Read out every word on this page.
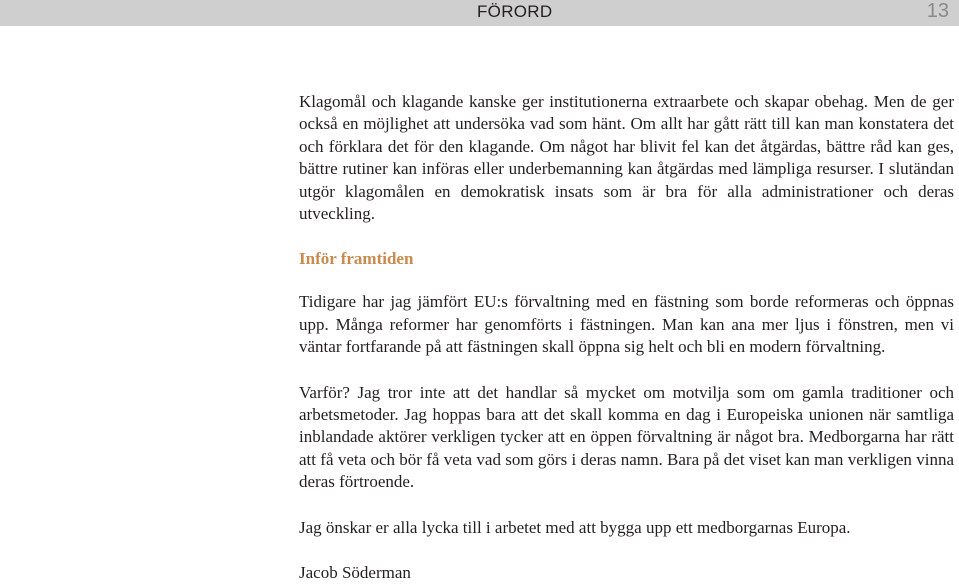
FÖRORD	13

Klagomål och klagande kanske ger institutionerna extraarbete och skapar obehag. Men de ger också en möjlighet att undersöka vad som hänt. Om allt har gått rätt till kan man konstatera det och förklara det för den klagande. Om något har blivit fel kan det åtgärdas, bättre råd kan ges, bättre rutiner kan införas eller underbemanning kan åtgärdas med lämpliga resurser. I slutändan utgör klagomålen en demokratisk insats som är bra för alla administrationer och deras utveckling.

Inför framtiden

Tidigare har jag jämfört EU:s förvaltning med en fästning som borde reformeras och öppnas upp. Många reformer har genomförts i fästningen. Man kan ana mer ljus i fönstren, men vi väntar fortfarande på att fästningen skall öppna sig helt och bli en modern förvaltning.

Varför? Jag tror inte att det handlar så mycket om motvilja som om gamla traditioner och arbetsmetoder. Jag hoppas bara att det skall komma en dag i Europeiska unionen när samtliga inblandade aktörer verkligen tycker att en öppen förvaltning är något bra. Medborgarna har rätt att få veta och bör få veta vad som görs i deras namn. Bara på det viset kan man verkligen vinna deras förtroende.

Jag önskar er alla lycka till i arbetet med att bygga upp ett medborgarnas Europa.

Jacob Söderman
